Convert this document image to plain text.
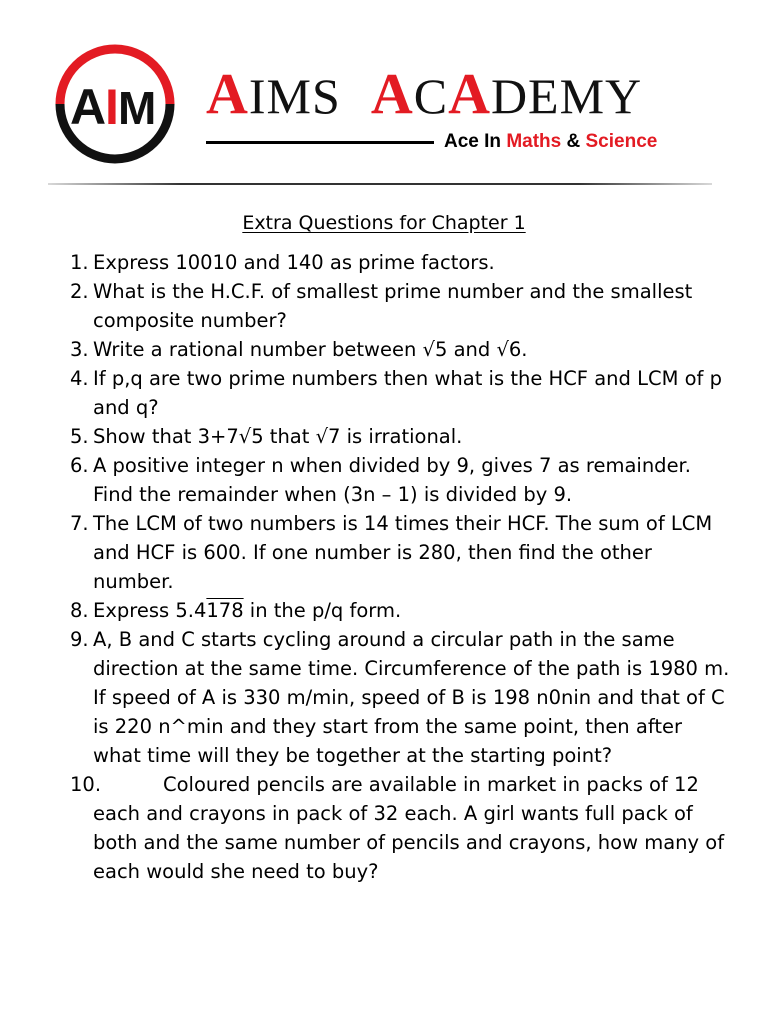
A
I M AIMS ACADEMY
Ace In Maths & Science
Extra Questions for Chapter 1
1. Express 10010 and 140 as prime factors.
2. What is the H.C.F. of smallest prime number and the smallest composite number?
3. Write a rational number between √5 and √6.
4. If p,q are two prime numbers then what is the HCF and LCM of p and q?
5. Show that 3+7√5 that √7 is irrational.
6. A positive integer n when divided by 9, gives 7 as remainder. Find the remainder when (3n – 1) is divided by 9.
7. The LCM of two numbers is 14 times their HCF. The sum of LCM and HCF is 600. If one number is 280, then find the other number.
8. Express 5.4178 in the p/q form.
9. A, B and C starts cycling around a circular path in the same direction at the same time. Circumference of the path is 1980 m. If speed of A is 330 m/min, speed of B is 198 n0nin and that of C is 220 n^min and they start from the same point, then after what time will they be together at the starting point?
10.	Coloured pencils are available in market in packs of 12 each and crayons in pack of 32 each. A girl wants full pack of both and the same number of pencils and crayons, how many of each would she need to buy?
